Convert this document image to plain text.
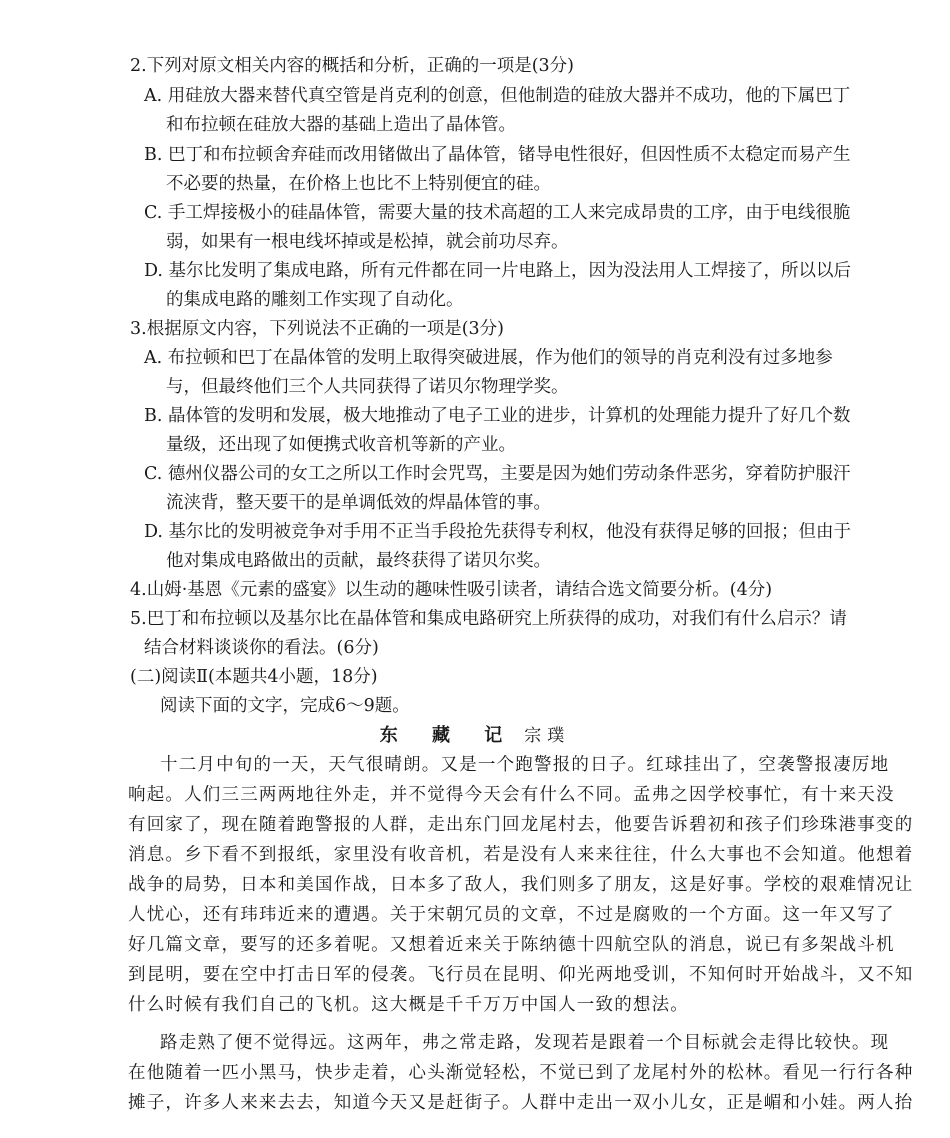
2.下列对原文相关内容的概括和分析，正确的一项是(3分)
A. 用硅放大器来替代真空管是肖克利的创意，但他制造的硅放大器并不成功，他的下属巴丁
和布拉顿在硅放大器的基础上造出了晶体管。
B. 巴丁和布拉顿舍弃硅而改用锗做出了晶体管，锗导电性很好，但因性质不太稳定而易产生
不必要的热量，在价格上也比不上特别便宜的硅。
C. 手工焊接极小的硅晶体管，需要大量的技术高超的工人来完成昂贵的工序，由于电线很脆
弱，如果有一根电线坏掉或是松掉，就会前功尽弃。
D. 基尔比发明了集成电路，所有元件都在同一片电路上，因为没法用人工焊接了，所以以后
的集成电路的雕刻工作实现了自动化。
3.根据原文内容，下列说法不正确的一项是(3分)
A. 布拉顿和巴丁在晶体管的发明上取得突破进展，作为他们的领导的肖克利没有过多地参
与，但最终他们三个人共同获得了诺贝尔物理学奖。
B. 晶体管的发明和发展，极大地推动了电子工业的进步，计算机的处理能力提升了好几个数
量级，还出现了如便携式收音机等新的产业。
C. 德州仪器公司的女工之所以工作时会咒骂，主要是因为她们劳动条件恶劣，穿着防护服汗
流浃背，整天要干的是单调低效的焊晶体管的事。
D. 基尔比的发明被竞争对手用不正当手段抢先获得专利权，他没有获得足够的回报；但由于
他对集成电路做出的贡献，最终获得了诺贝尔奖。
4.山姆·基恩《元素的盛宴》以生动的趣味性吸引读者，请结合选文简要分析。(4分)
5.巴丁和布拉顿以及基尔比在晶体管和集成电路研究上所获得的成功，对我们有什么启示？请
结合材料谈谈你的看法。(6分)
(二)阅读Ⅱ(本题共4小题，18分)
阅读下面的文字，完成6～9题。
东 藏 记 宗璞
十二月中旬的一天，天气很晴朗。又是一个跑警报的日子。红球挂出了，空袭警报凄厉地
响起。人们三三两两地往外走，并不觉得今天会有什么不同。孟弗之因学校事忙，有十来天没
有回家了，现在随着跑警报的人群，走出东门回龙尾村去，他要告诉碧初和孩子们珍珠港事变的
消息。乡下看不到报纸，家里没有收音机，若是没有人来来往往，什么大事也不会知道。他想着
战争的局势，日本和美国作战，日本多了敌人，我们则多了朋友，这是好事。学校的艰难情况让
人忧心，还有玮玮近来的遭遇。关于宋朝冗员的文章，不过是腐败的一个方面。这一年又写了
好几篇文章，要写的还多着呢。又想着近来关于陈纳德十四航空队的消息，说已有多架战斗机
到昆明，要在空中打击日军的侵袭。飞行员在昆明、仰光两地受训，不知何时开始战斗，又不知
什么时候有我们自己的飞机。这大概是千千万万中国人一致的想法。
路走熟了便不觉得远。这两年，弗之常走路，发现若是跟着一个目标就会走得比较快。现
在他随着一匹小黑马，快步走着，心头渐觉轻松，不觉已到了龙尾村外的松林。看见一行行各种
摊子，许多人来来去去，知道今天又是赶街子。人群中走出一双小儿女，正是嵋和小娃。两人抬
